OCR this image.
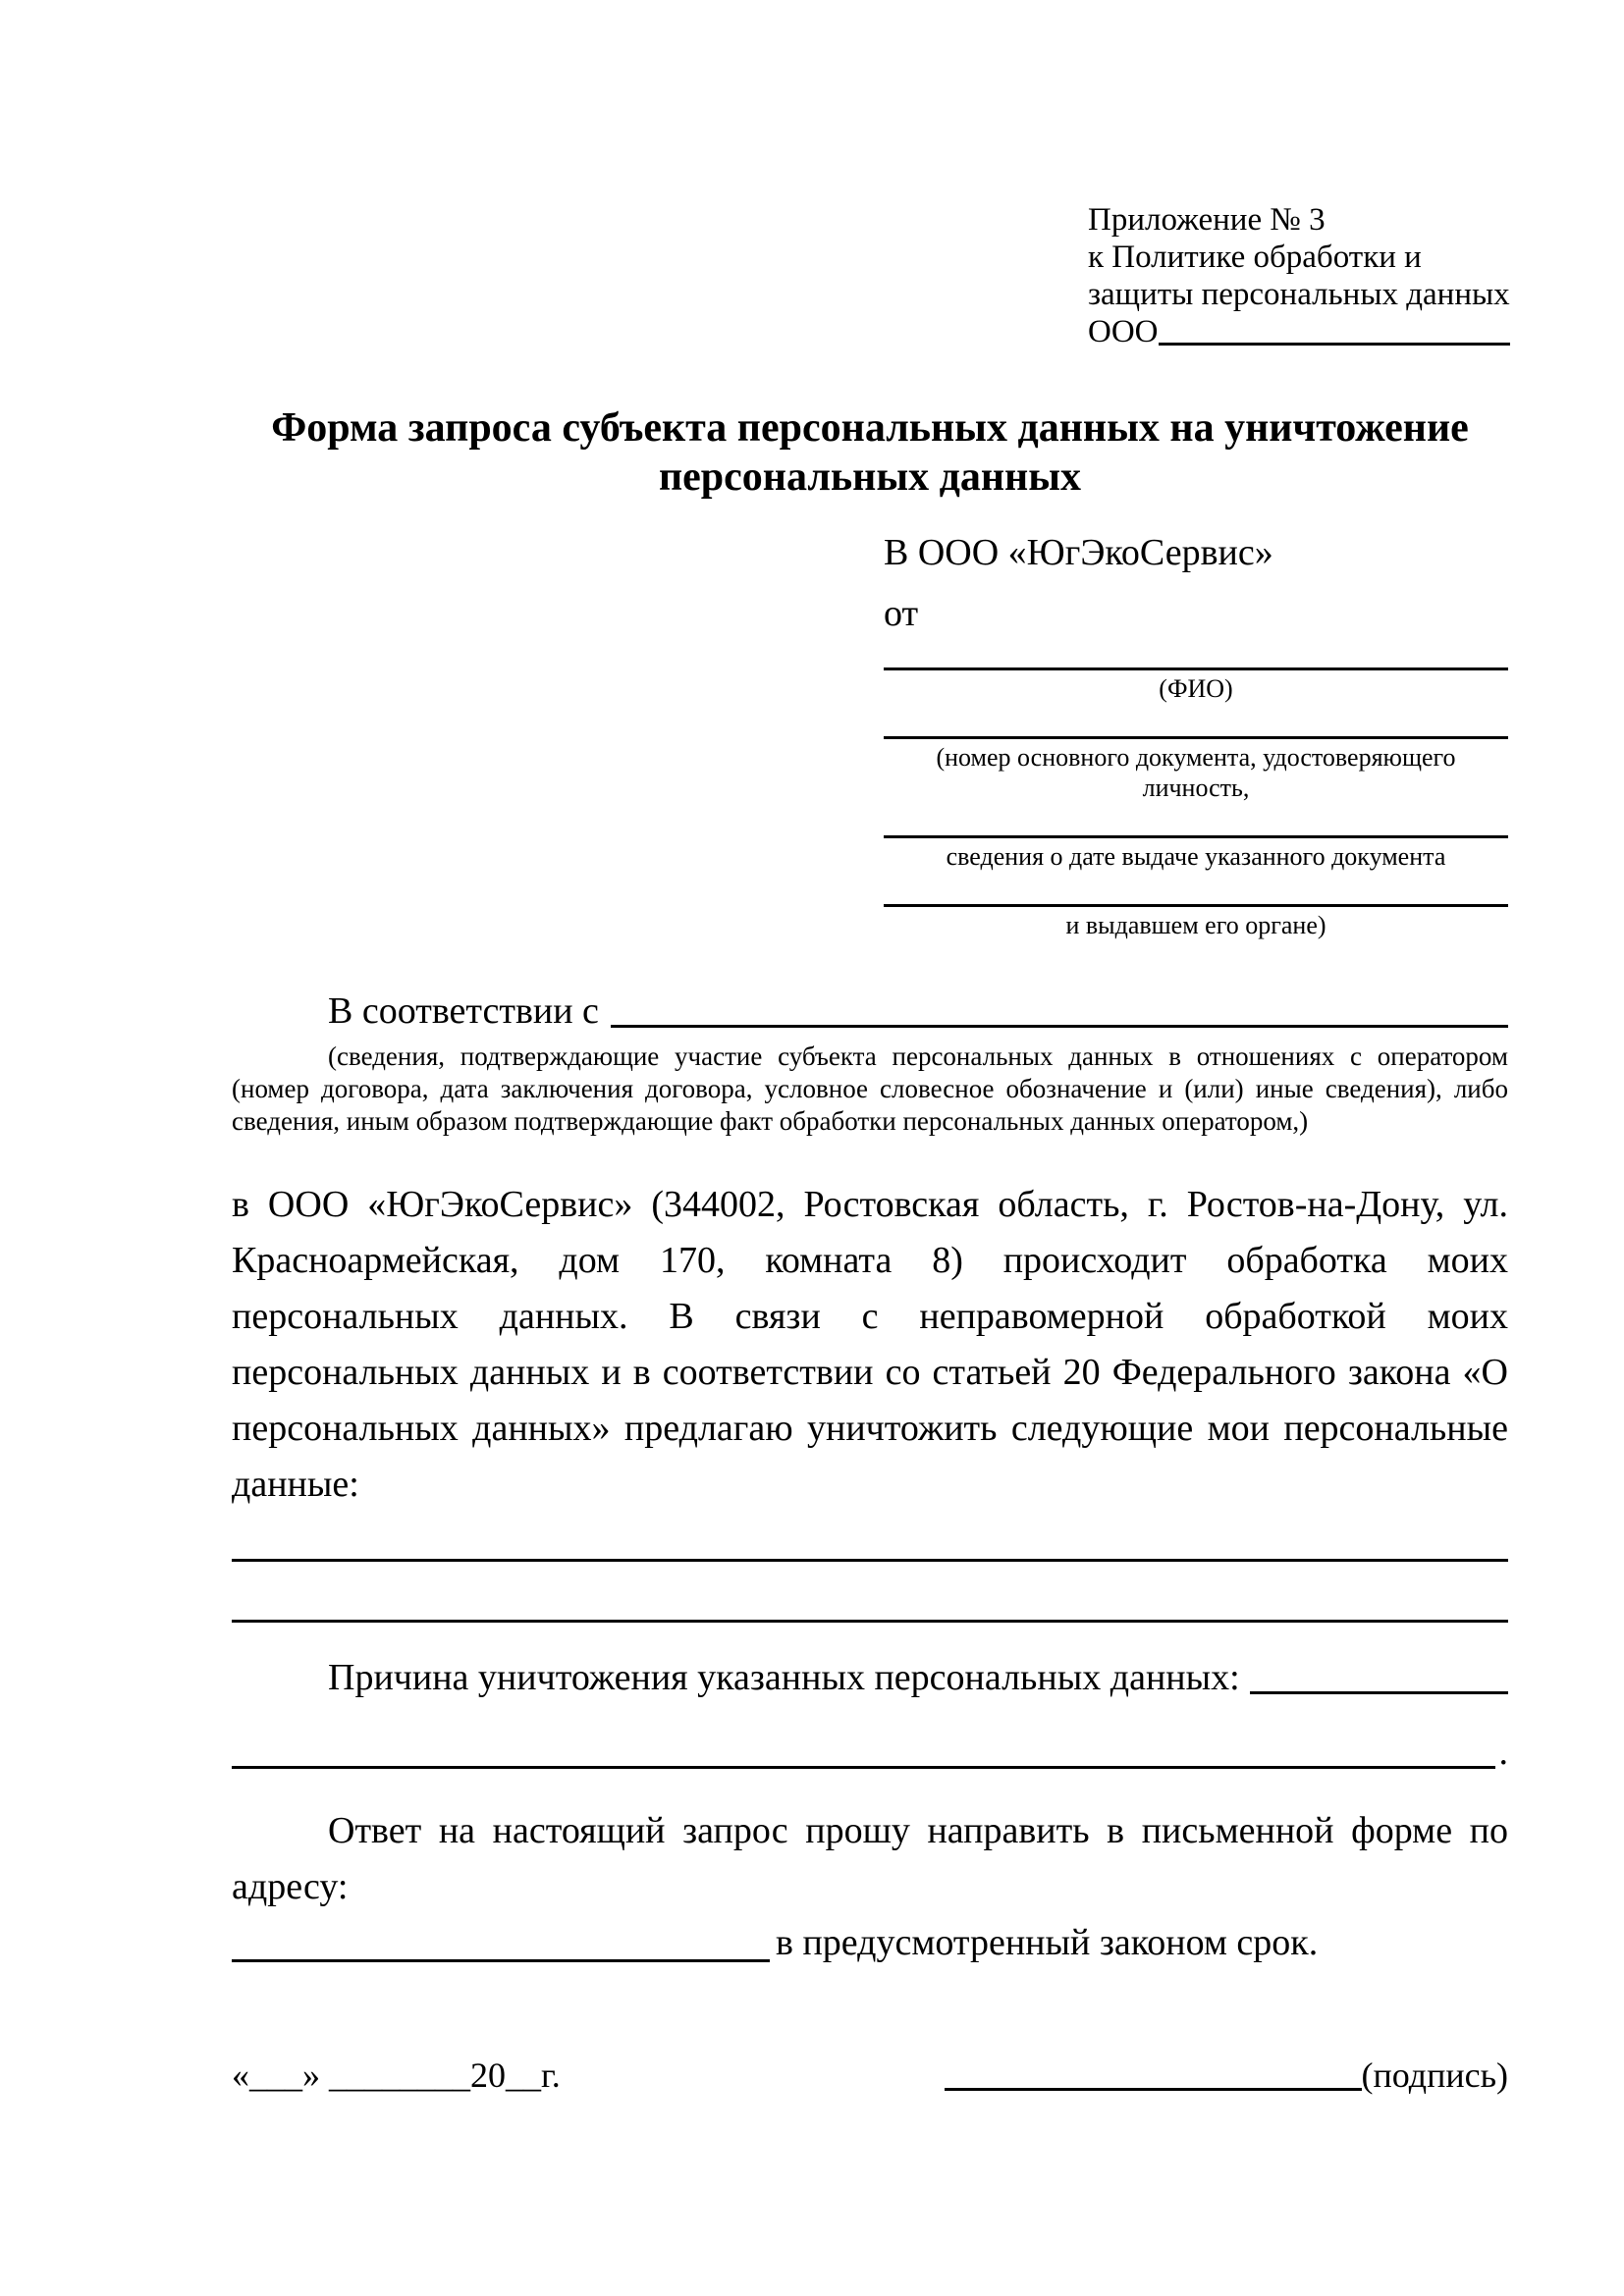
Приложение № 3
к Политике обработки и
защиты персональных данных
ООО
Форма запроса субъекта персональных данных на уничтожение персональных данных
В ООО «ЮгЭкоСервис»
от
(ФИО)
(номер основного документа, удостоверяющего личность,
сведения о дате выдаче указанного документа
и выдавшем его органе)
В соответствии с

(сведения, подтверждающие участие субъекта персональных данных в отношениях с оператором (номер договора, дата заключения договора, условное словесное обозначение и (или) иные сведения), либо сведения, иным образом подтверждающие факт обработки персональных данных оператором,)

в ООО «ЮгЭкоСервис» (344002, Ростовская область, г. Ростов-на-Дону, ул. Красноармейская, дом 170, комната 8) происходит обработка моих персональных данных. В связи с неправомерной обработкой моих персональных данных и в соответствии со статьей 20 Федерального закона «О персональных данных» предлагаю уничтожить следующие мои персональные данные:

Причина уничтожения указанных персональных данных:
.

Ответ на настоящий запрос прошу направить в письменной форме по адресу:

в предусмотренный законом срок.
«___» ________20__г.	(подпись)
